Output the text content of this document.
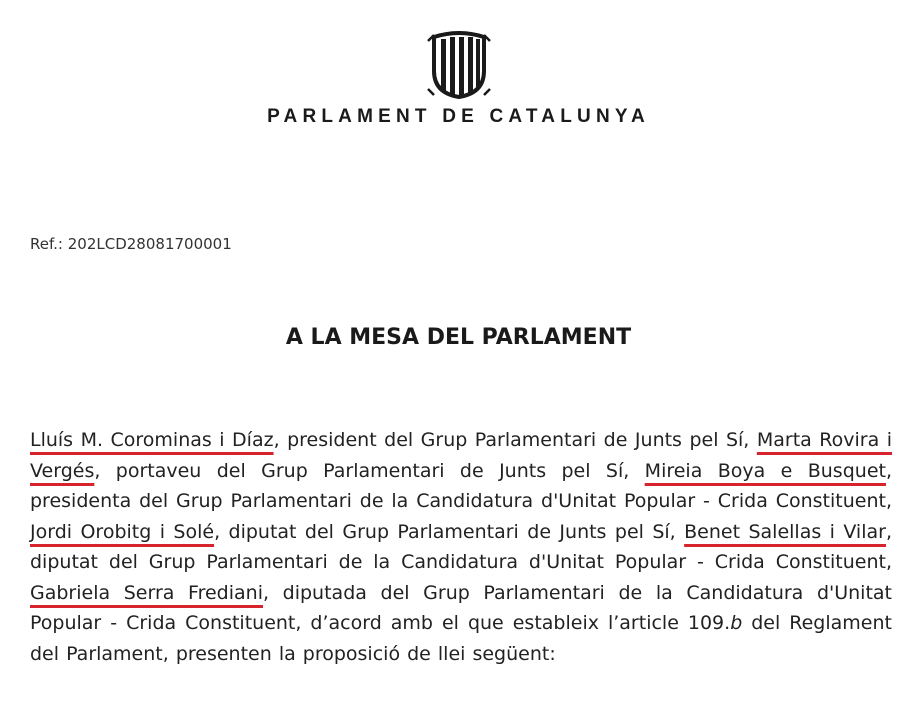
PARLAMENT DE CATALUNYA
Ref.: 202LCD28081700001
A LA MESA DEL PARLAMENT

Lluís M. Corominas i Díaz, president del Grup Parlamentari de Junts pel Sí, Marta Rovira i Vergés, portaveu del Grup Parlamentari de Junts pel Sí, Mireia Boya e Busquet, presidenta del Grup Parlamentari de la Candidatura d'Unitat Popular - Crida Constituent, Jordi Orobitg i Solé, diputat del Grup Parlamentari de Junts pel Sí, Benet Salellas i Vilar, diputat del Grup Parlamentari de la Candidatura d'Unitat Popular - Crida Constituent, Gabriela Serra Frediani, diputada del Grup Parlamentari de la Candidatura d'Unitat Popular - Crida Constituent, d’acord amb el que estableix l’article 109.b del Reglament del Parlament, presenten la proposició de llei següent:
